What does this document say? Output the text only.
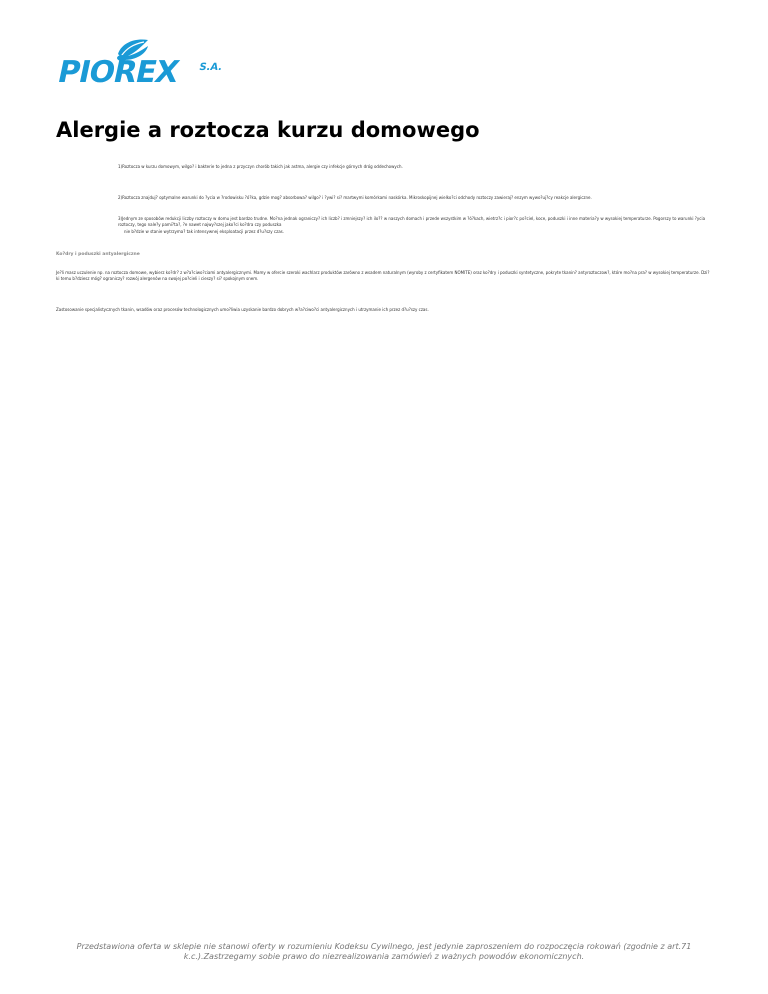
PIOREX S.A.
Alergie a roztocza kurzu domowego

1)Roztocza w kurzu domowym, wilgo? i bakterie to jedna z przyczyn chorób takich jak astma, alergie czy infekcje górnych dróg oddechowych.

2)Roztocza znajduj? optymalne warunki do ?ycia w ?rodowisku ?ó?ka, gdzie mog? absorbowa? wilgo? i ?ywi? si? martwymi komórkami naskórka. Mikroskopijnej wielko?ci odchody roztoczy zawieraj? enzym wywo?uj?cy reakcje alergiczne.

3)Jednym ze sposobów redukcji liczby roztoczy w domu jest bardzo trudne. Mo?na jednak ograniczy? ich liczb? i zmniejszy? ich ilo?? w naszych domach i przede wszystkim w ?ó?kach, wietrz?c i pior?c po?ciel, koce, poduszki i inne materia?y w wysokiej temperaturze. Pogorszy to warunki ?ycia roztoczy, tego nale?y pami?ta?, ?e nawet najwy?szej jako?ci ko?dra czy poduszka

nie b?dzie w stanie wytrzyma? tak intensywnej eksploatacji przez d?u?szy czas.

Ko?dry i poduszki antyalergiczne

Je?li masz uczulenie np. na roztocza domowe, wybierz ko?dr? z w?a?ciwo?ciami antyalergicznymi. Mamy w ofercie szeroki wachlarz produktów zarówno z wsadem naturalnym (wyroby z certyfikatem NOMITE) oraz ko?dry i poduszki syntetyczne, pokryte tkanin? antyroztoczow?, które mo?na pra? w wysokiej temperaturze. Dzi?ki temu b?dziesz móg? ograniczy? rozwój alergenów na swojej po?cieli i cieszy? si? spokojnym snem.

Zastosowanie specjalistycznych tkanin, wsadów oraz procesów technologicznych umo?liwia uzyskanie bardzo dobrych w?a?ciwo?ci antyalergicznych i utrzymanie ich przez d?u?szy czas.

Przedstawiona oferta w sklepie nie stanowi oferty w rozumieniu Kodeksu Cywilnego, jest jedynie zaproszeniem do rozpoczęcia rokowań (zgodnie z art.71
k.c.).Zastrzegamy sobie prawo do niezrealizowania zamówień z ważnych powodów ekonomicznych.
